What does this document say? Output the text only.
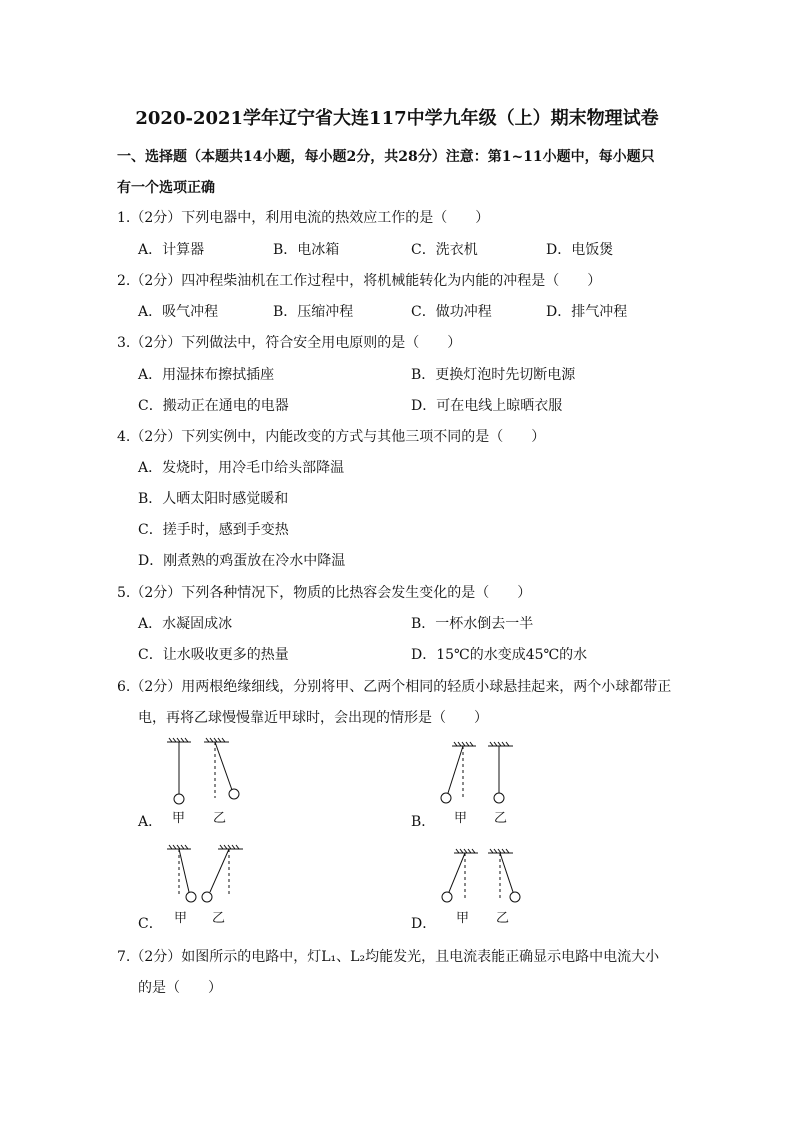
2020-2021学年辽宁省大连117中学九年级（上）期末物理试卷
一、选择题（本题共14小题，每小题2分，共28分）注意：第1~11小题中，每小题只
有一个选项正确
1.（2分）下列电器中，利用电流的热效应工作的是（　　）
A．计算器	B．电冰箱	C．洗衣机	D．电饭煲
2.（2分）四冲程柴油机在工作过程中，将机械能转化为内能的冲程是（　　）
A．吸气冲程	B．压缩冲程	C．做功冲程	D．排气冲程
3.（2分）下列做法中，符合安全用电原则的是（　　）
A．用湿抹布擦拭插座	B．更换灯泡时先切断电源
C．搬动正在通电的电器	D．可在电线上晾晒衣服
4.（2分）下列实例中，内能改变的方式与其他三项不同的是（　　）
A．发烧时，用冷毛巾给头部降温
B．人晒太阳时感觉暖和
C．搓手时，感到手变热
D．刚煮熟的鸡蛋放在冷水中降温
5.（2分）下列各种情况下，物质的比热容会发生变化的是（　　）
A．水凝固成冰	B．一杯水倒去一半
C．让水吸收更多的热量	D．15℃的水变成45℃的水
6.（2分）用两根绝缘细线，分别将甲、乙两个相同的轻质小球悬挂起来，两个小球都带正
电，再将乙球慢慢靠近甲球时，会出现的情形是（　　）
A． 甲 乙	B． 甲 乙
C． 甲 乙	D． 甲 乙
7.（2分）如图所示的电路中，灯L₁、L₂均能发光，且电流表能正确显示电路中电流大小
的是（　　）
